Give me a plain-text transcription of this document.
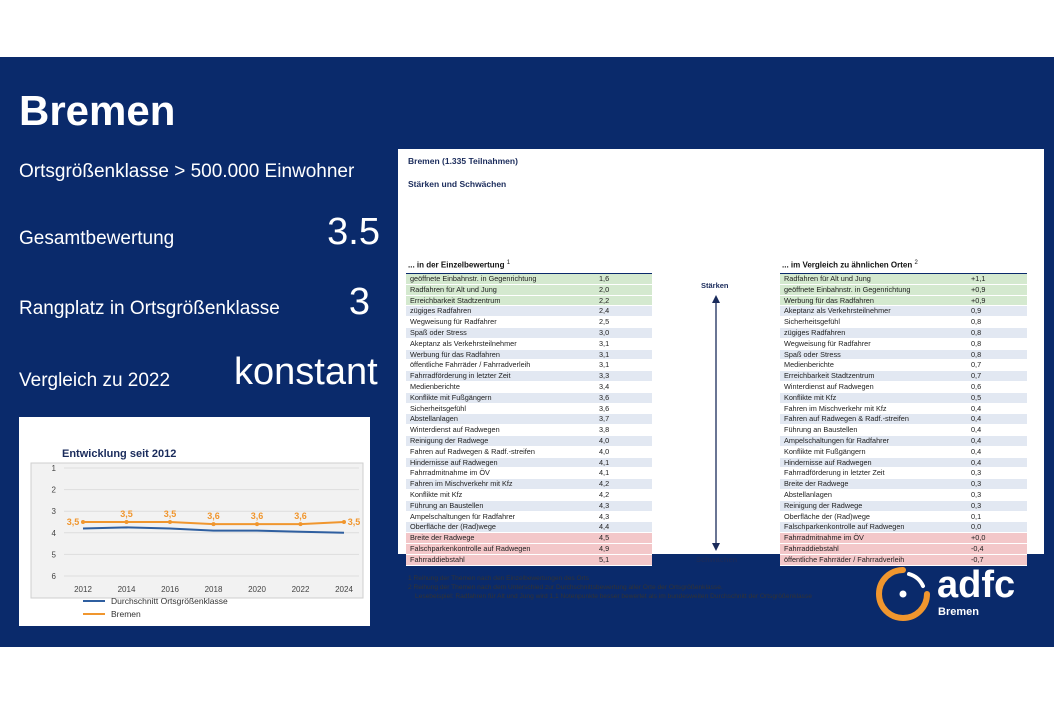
Bremen
Ortsgrößenklasse > 500.000 Einwohner
Gesamtbewertung	3.5
Rangplatz in Ortsgrößenklasse 3
Vergleich zu 2022 konstant
Entwicklung seit 2012
1
2
3
4
5
6
2012	2014	2016	2018	2020	2022	2024
3,5
3,5	3,5	3,6	3,6	3,6
3,5
Durchschnitt Ortsgrößenklasse
Bremen
Bremen (1.335 Teilnahmen)
Stärken und Schwächen
... in der Einzelbewertung $^1$	... im Vergleich zu ähnlichen Orten $^2$
geöffnete Einbahnstr. in Gegenrichtung	1,6
Radfahren für Alt und Jung	2,0
Erreichbarkeit Stadtzentrum	2,2
zügiges Radfahren	2,4
Wegweisung für Radfahrer	2,5
Spaß oder Stress	3,0
Akeptanz als Verkehrsteilnehmer	3,1
Werbung für das Radfahren	3,1
öffentliche Fahrräder / Fahrradverleih	3,1
Fahrradförderung in letzter Zeit	3,3
Medienberichte	3,4
Konflikte mit Fußgängern	3,6
Sicherheitsgefühl	3,6
Abstellanlagen	3,7
Winterdienst auf Radwegen	3,8
Reinigung der Radwege	4,0
Fahren auf Radwegen & Radf.-streifen	4,0
Hindernisse auf Radwegen	4,1
Fahrradmitnahme im ÖV	4,1
Fahren im Mischverkehr mit Kfz	4,2
Konflikte mit Kfz	4,2
Führung an Baustellen	4,3
Ampelschaltungen für Radfahrer	4,3
Oberfläche der (Rad)wege	4,4
Breite der Radwege	4,5
Falschparkenkontrolle auf Radwegen	4,9
Fahrraddiebstahl	5,1
Radfahren für Alt und Jung	+1,1
geöffnete Einbahnstr. in Gegenrichtung	+0,9
Werbung für das Radfahren	+0,9
Akeptanz als Verkehrsteilnehmer	0,9
Sicherheitsgefühl	0,8
zügiges Radfahren	0,8
Wegweisung für Radfahrer	0,8
Spaß oder Stress	0,8
Medienberichte	0,7
Erreichbarkeit Stadtzentrum	0,7
Winterdienst auf Radwegen	0,6
Konflikte mit Kfz	0,5
Fahren im Mischverkehr mit Kfz	0,4
Fahren auf Radwegen & Radf.-streifen	0,4
Führung an Baustellen	0,4
Ampelschaltungen für Radfahrer	0,4
Konflikte mit Fußgängern	0,4
Hindernisse auf Radwegen	0,4
Fahrradförderung in letzter Zeit	0,3
Breite der Radwege	0,3
Abstellanlagen	0,3
Reinigung der Radwege	0,3
Oberfläche der (Rad)wege	0,1
Falschparkenkontrolle auf Radwegen	0,0
Fahrradmitnahme im ÖV	+0,0
Fahrraddiebstahl	-0,4
öffentliche Fahrräder / Fahrradverleih	-0,7
Stärken
Schwächen
1 Reihung der Themen nach den Einzelbewertungen des Orts
2 Reihung der Themen nach dem Unterschied zur Durchschnittsbewertung aller Orte der Ortsgrößenklasse.
Lesebeispiel: Radfahren für Alt und Jung wird 1,1 Notenpunkte besser bewertet als im bundesweiten Durchschnitt der Ortsgrößenklasse	adfc
Bremen
